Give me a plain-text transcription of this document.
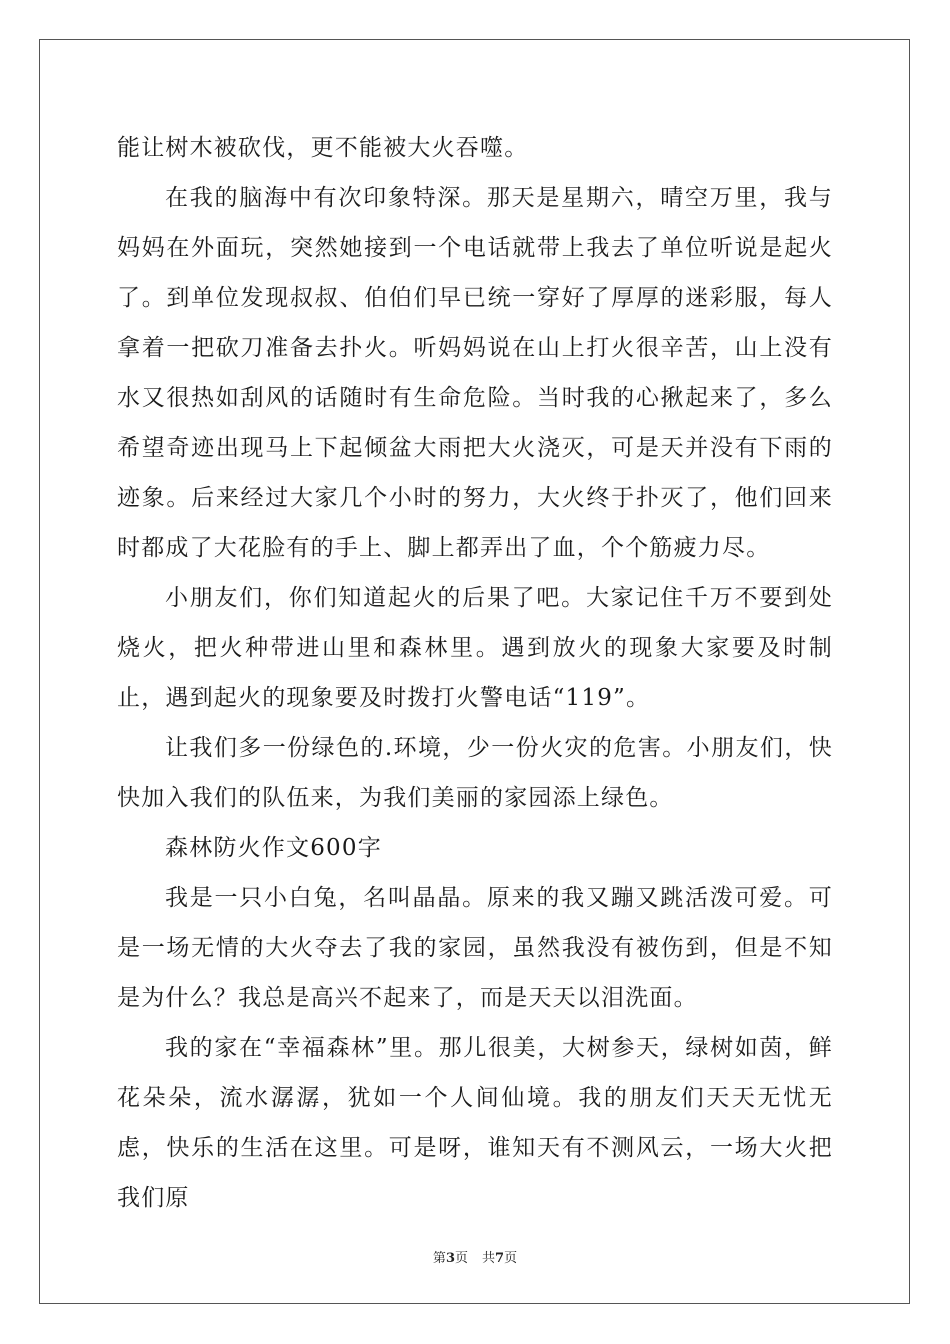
能让树木被砍伐，更不能被大火吞噬。

在我的脑海中有次印象特深。那天是星期六，晴空万里，我与妈妈在外面玩，突然她接到一个电话就带上我去了单位听说是起火了。到单位发现叔叔、伯伯们早已统一穿好了厚厚的迷彩服，每人拿着一把砍刀准备去扑火。听妈妈说在山上打火很辛苦，山上没有水又很热如刮风的话随时有生命危险。当时我的心揪起来了，多么希望奇迹出现马上下起倾盆大雨把大火浇灭，可是天并没有下雨的迹象。后来经过大家几个小时的努力，大火终于扑灭了，他们回来时都成了大花脸有的手上、脚上都弄出了血，个个筋疲力尽。

小朋友们，你们知道起火的后果了吧。大家记住千万不要到处烧火，把火种带进山里和森林里。遇到放火的现象大家要及时制止，遇到起火的现象要及时拨打火警电话“119”。

让我们多一份绿色的.环境，少一份火灾的危害。小朋友们，快快加入我们的队伍来，为我们美丽的家园添上绿色。

森林防火作文600字

我是一只小白兔，名叫晶晶。原来的我又蹦又跳活泼可爱。可是一场无情的大火夺去了我的家园，虽然我没有被伤到，但是不知是为什么？我总是高兴不起来了，而是天天以泪洗面。

我的家在“幸福森林”里。那儿很美，大树参天，绿树如茵，鲜花朵朵，流水潺潺，犹如一个人间仙境。我的朋友们天天无忧无虑，快乐的生活在这里。可是呀，谁知天有不测风云，一场大火把我们原

第3页 共7页
